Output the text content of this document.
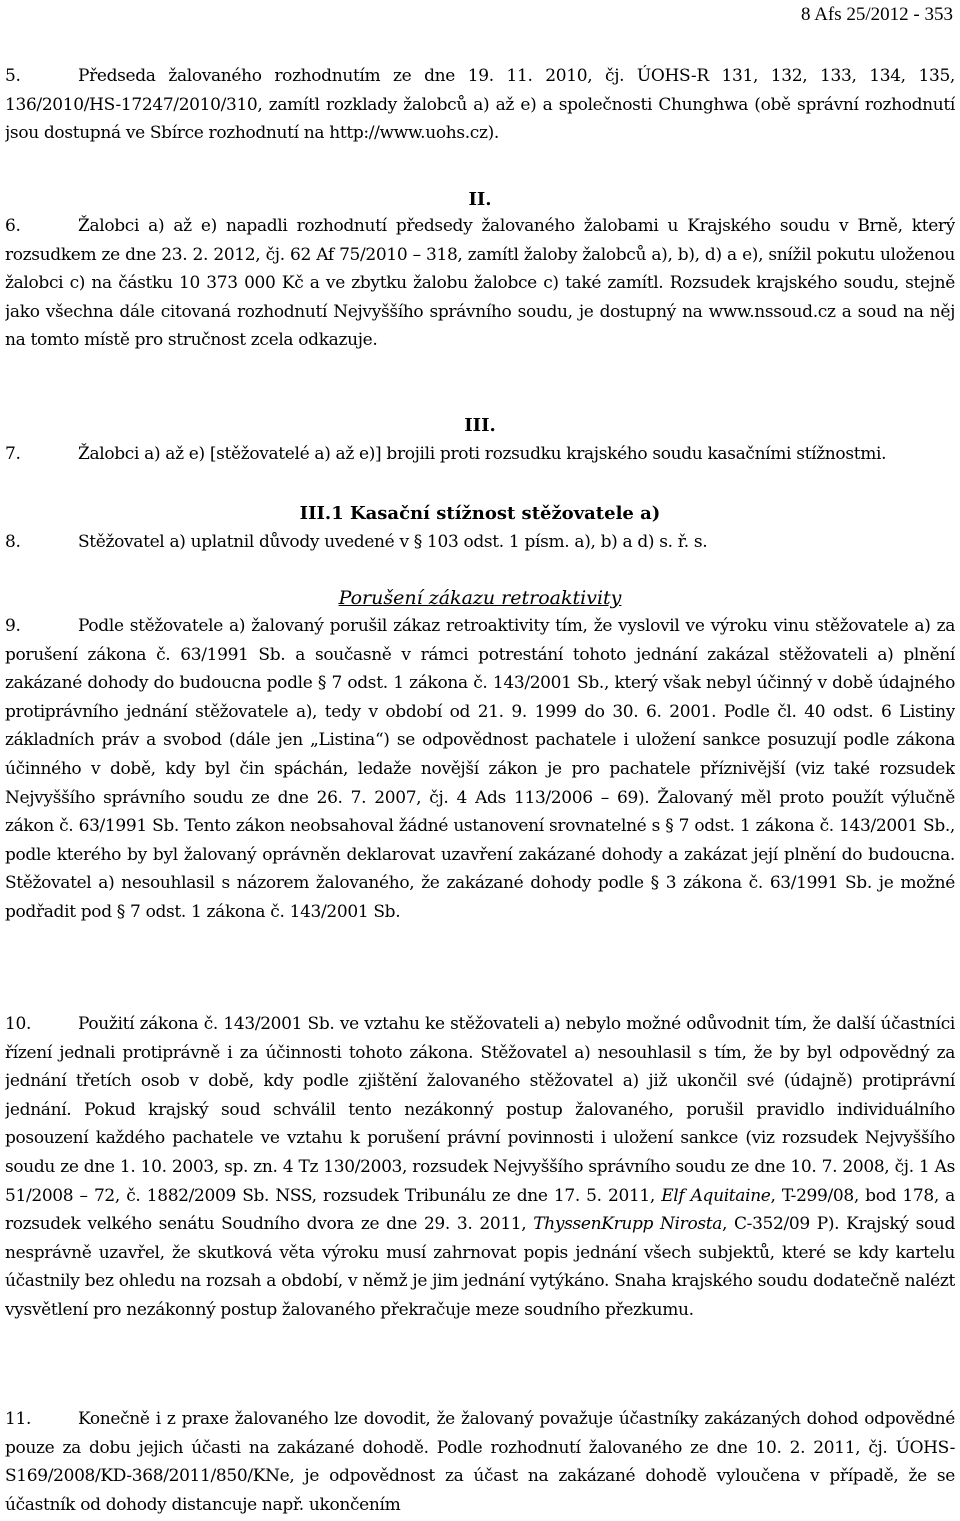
8 Afs 25/2012 - 353
5.	Předseda žalovaného rozhodnutím ze dne 19. 11. 2010, čj. ÚOHS-R 131, 132, 133, 134, 135, 136/2010/HS-17247/2010/310, zamítl rozklady žalobců a) až e) a společnosti Chunghwa (obě správní rozhodnutí jsou dostupná ve Sbírce rozhodnutí na http://www.uohs.cz).
II.
6.	Žalobci a) až e) napadli rozhodnutí předsedy žalovaného žalobami u Krajského soudu v Brně, který rozsudkem ze dne 23. 2. 2012, čj. 62 Af 75/2010 – 318, zamítl žaloby žalobců a), b), d) a e), snížil pokutu uloženou žalobci c) na částku 10 373 000 Kč a ve zbytku žalobu žalobce c) také zamítl. Rozsudek krajského soudu, stejně jako všechna dále citovaná rozhodnutí Nejvyššího správního soudu, je dostupný na www.nssoud.cz a soud na něj na tomto místě pro stručnost zcela odkazuje.
III.
7.	Žalobci a) až e) [stěžovatelé a) až e)] brojili proti rozsudku krajského soudu kasačními stížnostmi.
III.1 Kasační stížnost stěžovatele a)
8.	Stěžovatel a) uplatnil důvody uvedené v § 103 odst. 1 písm. a), b) a d) s. ř. s.
Porušení zákazu retroaktivity
9.	Podle stěžovatele a) žalovaný porušil zákaz retroaktivity tím, že vyslovil ve výroku vinu stěžovatele a) za porušení zákona č. 63/1991 Sb. a současně v rámci potrestání tohoto jednání zakázal stěžovateli a) plnění zakázané dohody do budoucna podle § 7 odst. 1 zákona č. 143/2001 Sb., který však nebyl účinný v době údajného protiprávního jednání stěžovatele a), tedy v období od 21. 9. 1999 do 30. 6. 2001. Podle čl. 40 odst. 6 Listiny základních práv a svobod (dále jen „Listina“) se odpovědnost pachatele i uložení sankce posuzují podle zákona účinného v době, kdy byl čin spáchán, ledaže novější zákon je pro pachatele příznivější (viz také rozsudek Nejvyššího správního soudu ze dne 26. 7. 2007, čj. 4 Ads 113/2006 – 69). Žalovaný měl proto použít výlučně zákon č. 63/1991 Sb. Tento zákon neobsahoval žádné ustanovení srovnatelné s § 7 odst. 1 zákona č. 143/2001 Sb., podle kterého by byl žalovaný oprávněn deklarovat uzavření zakázané dohody a zakázat její plnění do budoucna. Stěžovatel a) nesouhlasil s názorem žalovaného, že zakázané dohody podle § 3 zákona č. 63/1991 Sb. je možné podřadit pod § 7 odst. 1 zákona č. 143/2001 Sb.
10.	Použití zákona č. 143/2001 Sb. ve vztahu ke stěžovateli a) nebylo možné odůvodnit tím, že další účastníci řízení jednali protiprávně i za účinnosti tohoto zákona. Stěžovatel a) nesouhlasil s tím, že by byl odpovědný za jednání třetích osob v době, kdy podle zjištění žalovaného stěžovatel a) již ukončil své (údajně) protiprávní jednání. Pokud krajský soud schválil tento nezákonný postup žalovaného, porušil pravidlo individuálního posouzení každého pachatele ve vztahu k porušení právní povinnosti i uložení sankce (viz rozsudek Nejvyššího soudu ze dne 1. 10. 2003, sp. zn. 4 Tz 130/2003, rozsudek Nejvyššího správního soudu ze dne 10. 7. 2008, čj. 1 As 51/2008 – 72, č. 1882/2009 Sb. NSS, rozsudek Tribunálu ze dne 17. 5. 2011, Elf Aquitaine, T-299/08, bod 178, a rozsudek velkého senátu Soudního dvora ze dne 29. 3. 2011, ThyssenKrupp Nirosta, C-352/09 P). Krajský soud nesprávně uzavřel, že skutková věta výroku musí zahrnovat popis jednání všech subjektů, které se kdy kartelu účastnily bez ohledu na rozsah a období, v němž je jim jednání vytýkáno. Snaha krajského soudu dodatečně nalézt vysvětlení pro nezákonný postup žalovaného překračuje meze soudního přezkumu.
11.	Konečně i z praxe žalovaného lze dovodit, že žalovaný považuje účastníky zakázaných dohod odpovědné pouze za dobu jejich účasti na zakázané dohodě. Podle rozhodnutí žalovaného ze dne 10. 2. 2011, čj. ÚOHS-S169/2008/KD-368/2011/850/KNe, je odpovědnost za účast na zakázané dohodě vyloučena v případě, že se účastník od dohody distancuje např. ukončením
